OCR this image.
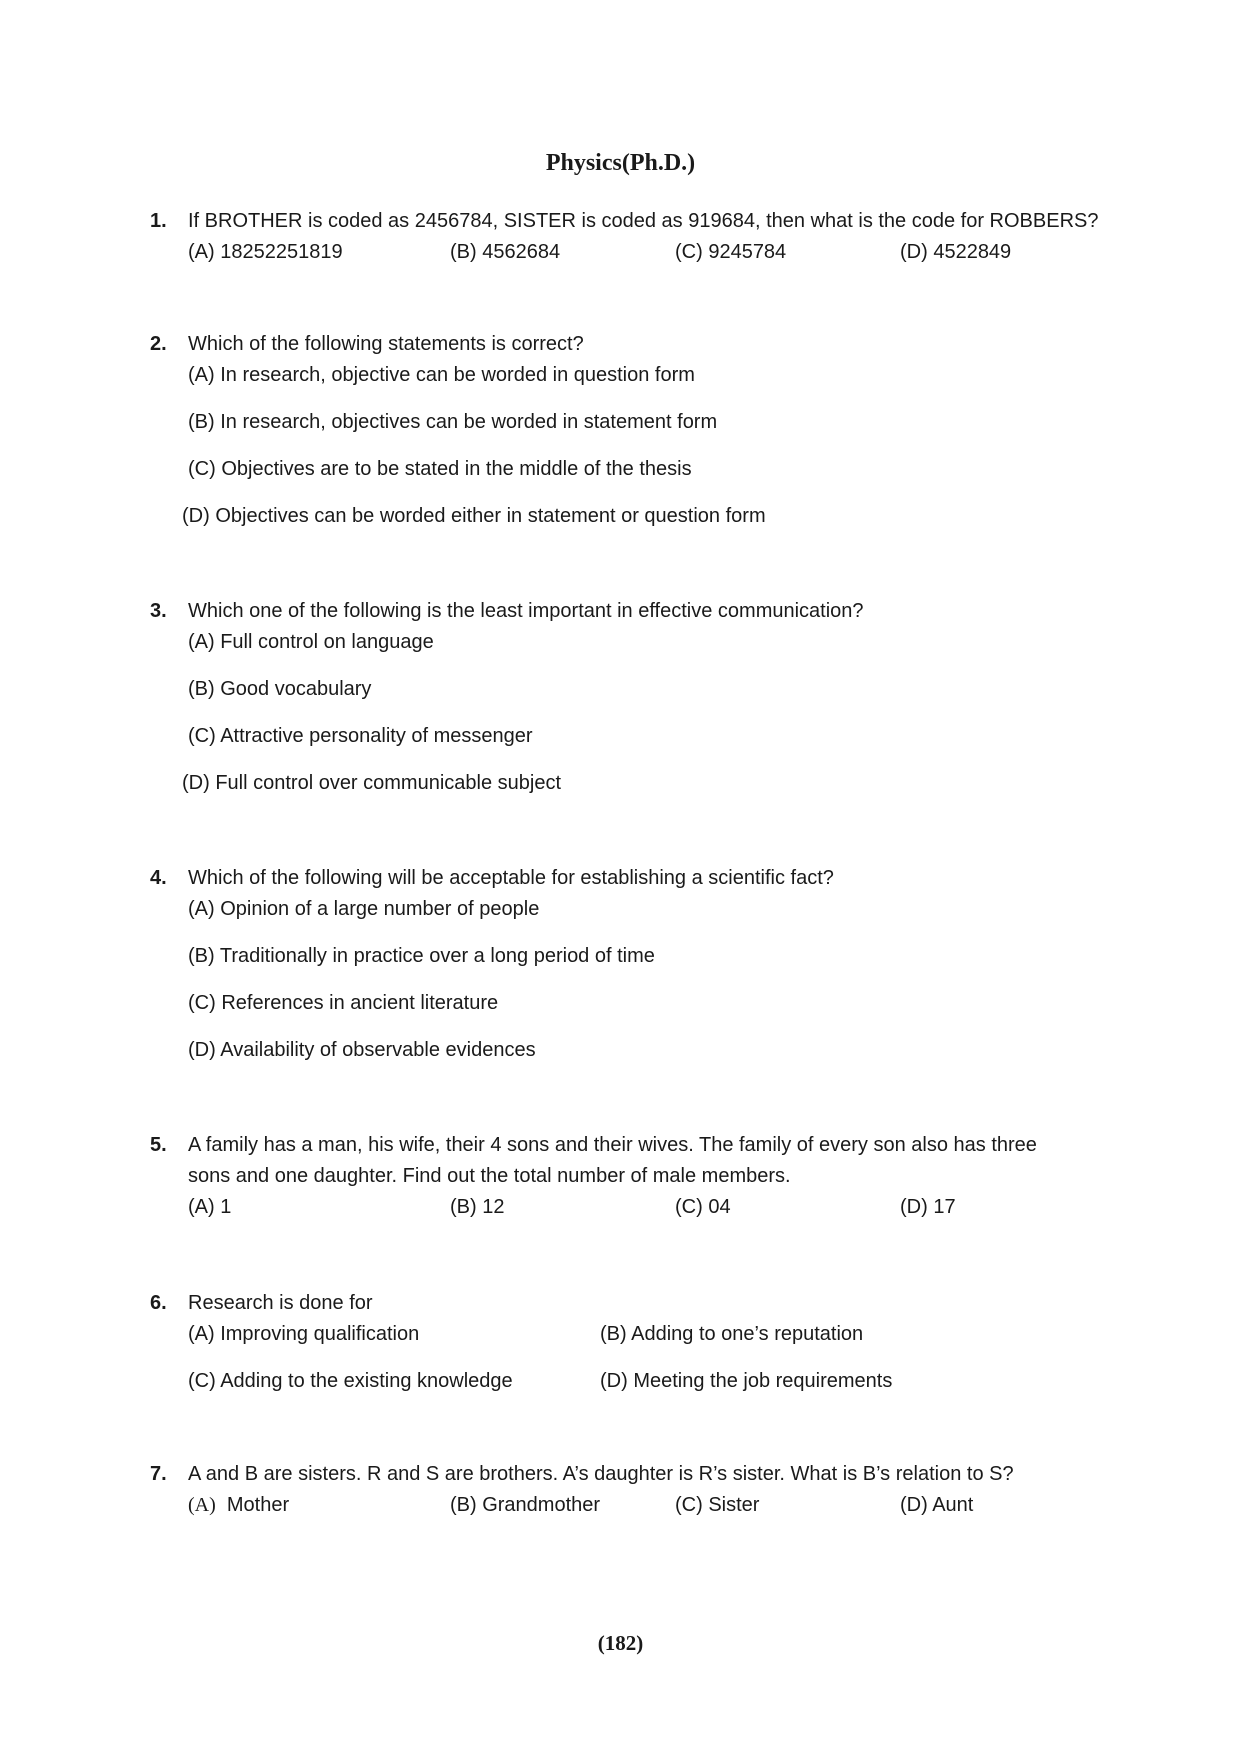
Physics(Ph.D.)
1. If BROTHER is coded as 2456784, SISTER is coded as 919684, then what is the code for ROBBERS?
(A) 18252251819	(B) 4562684	(C) 9245784	(D) 4522849
2. Which of the following statements is correct?
(A) In research, objective can be worded in question form
(B) In research, objectives can be worded in statement form
(C) Objectives are to be stated in the middle of the thesis
(D) Objectives can be worded either in statement or question form
3. Which one of the following is the least important in effective communication?
(A) Full control on language
(B) Good vocabulary
(C) Attractive personality of messenger
(D) Full control over communicable subject
4. Which of the following will be acceptable for establishing a scientific fact?
(A) Opinion of a large number of people
(B) Traditionally in practice over a long period of time
(C) References in ancient literature
(D) Availability of observable evidences
5. A family has a man, his wife, their 4 sons and their wives. The family of every son also has three
sons and one daughter. Find out the total number of male members.
(A) 1	(B) 12	(C) 04	(D) 17
6. Research is done for
(A) Improving qualification	(B) Adding to one’s reputation
(C) Adding to the existing knowledge	(D) Meeting the job requirements
7. A and B are sisters. R and S are brothers. A’s daughter is R’s sister. What is B’s relation to S?
(A) Mother	(B) Grandmother	(C) Sister	(D) Aunt
(182)
